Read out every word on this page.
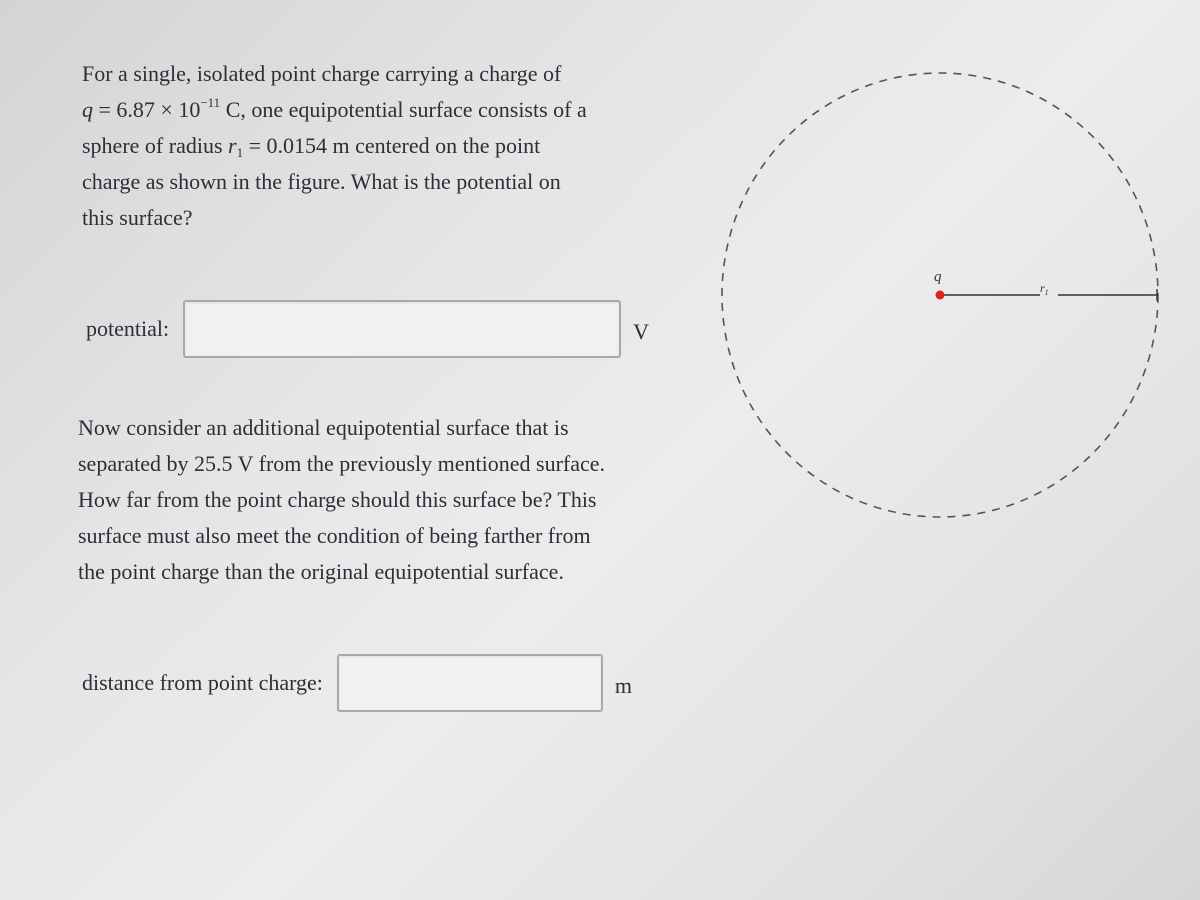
For a single, isolated point charge carrying a charge of
$q = 6.87 \times 10^{-11}$ C, one equipotential surface consists of a
sphere of radius $r_1 = 0.0154$ m centered on the point
charge as shown in the figure. What is the potential on
this surface?
potential:	V
Now consider an additional equipotential surface that is
separated by 25.5 V from the previously mentioned surface.
How far from the point charge should this surface be? This
surface must also meet the condition of being farther from
the point charge than the original equipotential surface.
distance from point charge:	m
q
$r_1$
